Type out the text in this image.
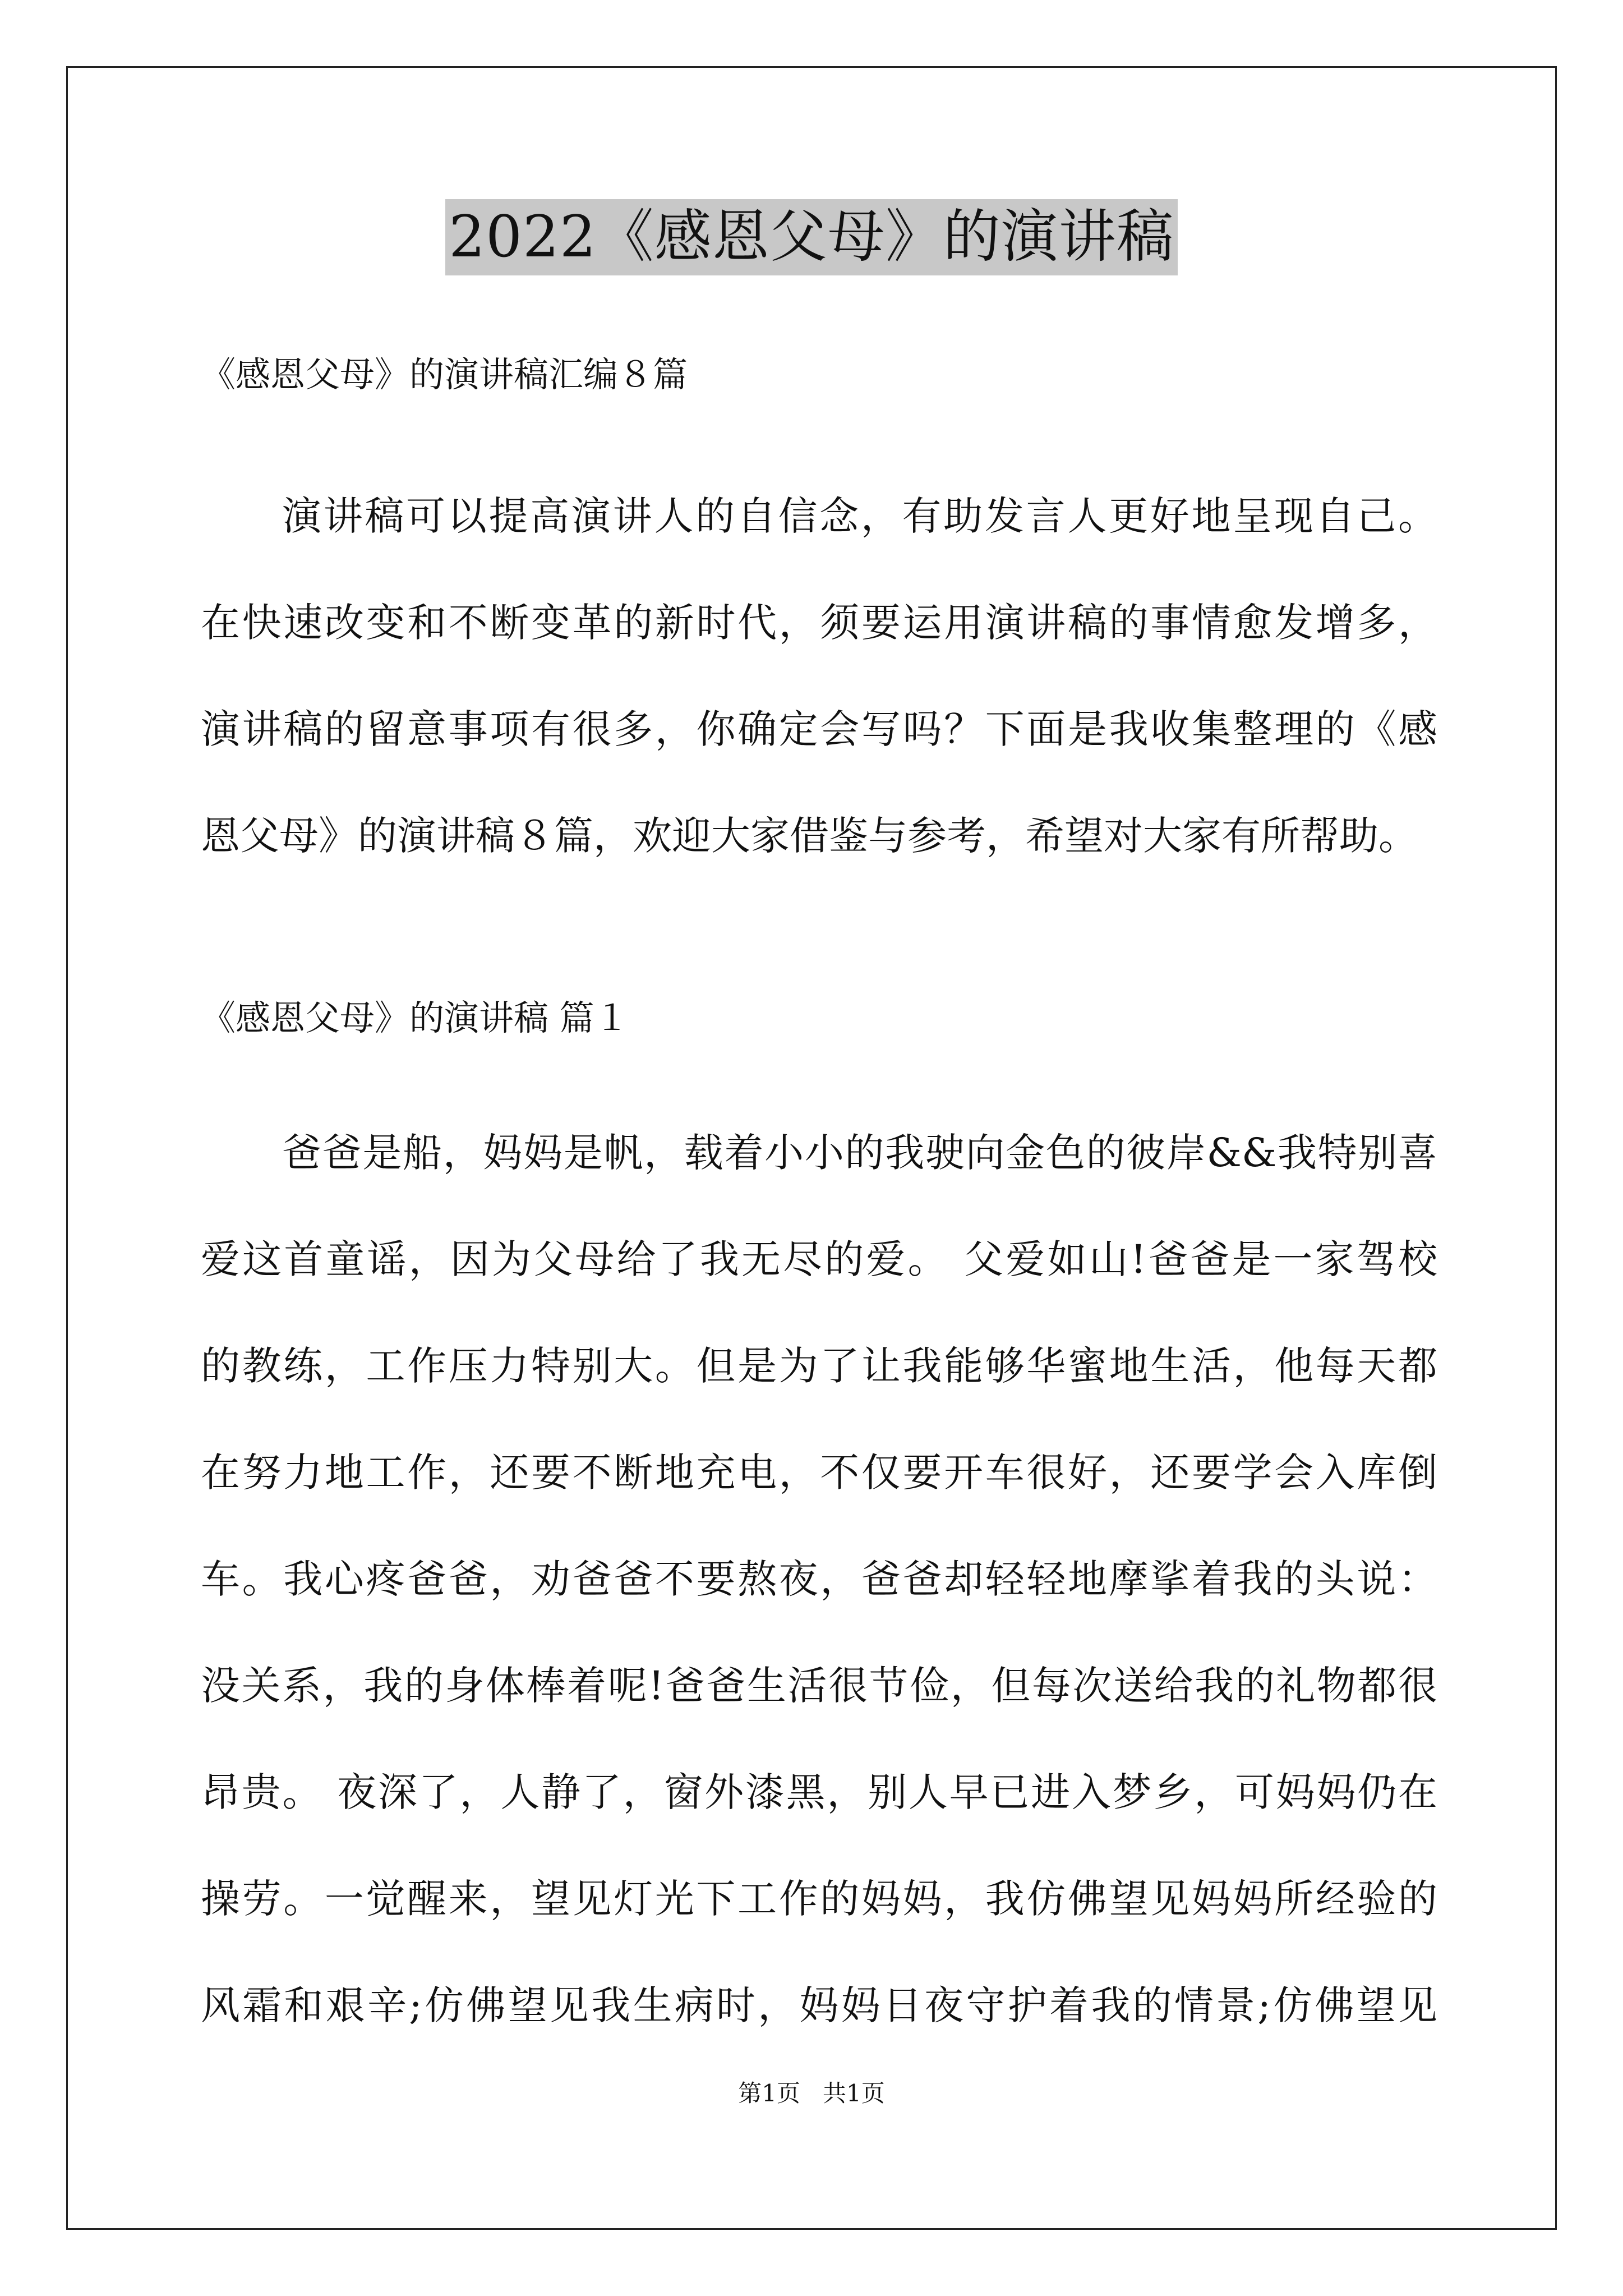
2022《感恩父母》的演讲稿
《感恩父母》的演讲稿汇编８篇
演讲稿可以提高演讲人的自信念，有助发言人更好地呈现自己。
在快速改变和不断变革的新时代，须要运用演讲稿的事情愈发增多，
演讲稿的留意事项有很多，你确定会写吗？下面是我收集整理的《感
恩父母》的演讲稿８篇，欢迎大家借鉴与参考，希望对大家有所帮助。
《感恩父母》的演讲稿 篇１
爸爸是船，妈妈是帆，载着小小的我驶向金色的彼岸&&我特别喜
爱这首童谣，因为父母给了我无尽的爱。 父爱如山!爸爸是一家驾校
的教练，工作压力特别大。但是为了让我能够华蜜地生活，他每天都
在努力地工作，还要不断地充电，不仅要开车很好，还要学会入库倒
车。我心疼爸爸，劝爸爸不要熬夜，爸爸却轻轻地摩挲着我的头说：
没关系，我的身体棒着呢!爸爸生活很节俭，但每次送给我的礼物都很
昂贵。 夜深了，人静了，窗外漆黑，别人早已进入梦乡，可妈妈仍在
操劳。一觉醒来，望见灯光下工作的妈妈，我仿佛望见妈妈所经验的
风霜和艰辛;仿佛望见我生病时，妈妈日夜守护着我的情景;仿佛望见
第1页   共1页
